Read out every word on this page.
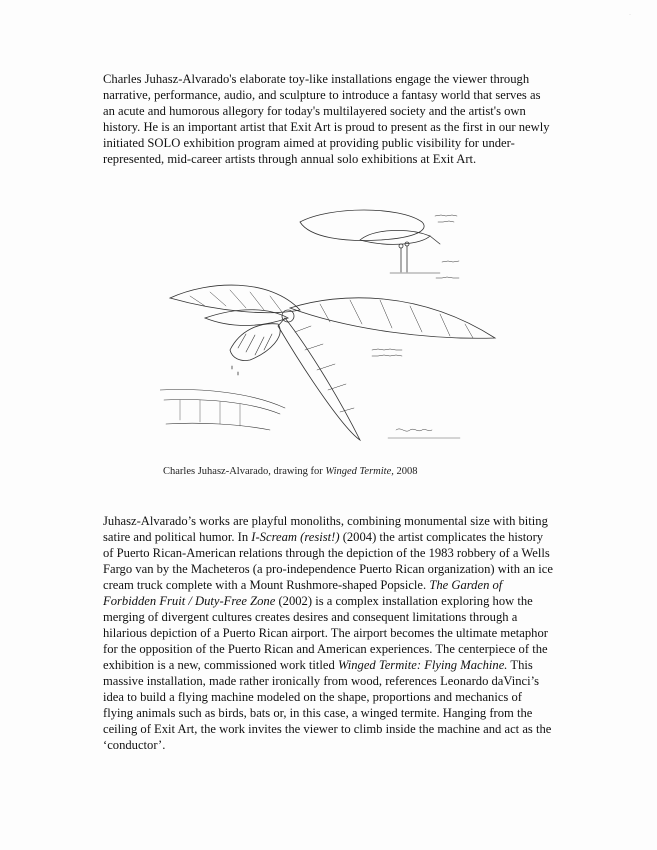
·

Charles Juhasz-Alvarado's elaborate toy-like installations engage the viewer through narrative, performance, audio, and sculpture to introduce a fantasy world that serves as an acute and humorous allegory for today's multilayered society and the artist's own history. He is an important artist that Exit Art is proud to present as the first in our newly initiated SOLO exhibition program aimed at providing public visibility for under-represented, mid-career artists through annual solo exhibitions at Exit Art.

Charles Juhasz-Alvarado, drawing for Winged Termite, 2008

Juhasz-Alvarado’s works are playful monoliths, combining monumental size with biting satire and political humor. In I-Scream (resist!) (2004) the artist complicates the history of Puerto Rican-American relations through the depiction of the 1983 robbery of a Wells Fargo van by the Macheteros (a pro-independence Puerto Rican organization) with an ice cream truck complete with a Mount Rushmore-shaped Popsicle. The Garden of Forbidden Fruit / Duty-Free Zone (2002) is a complex installation exploring how the merging of divergent cultures creates desires and consequent limitations through a hilarious depiction of a Puerto Rican airport. The airport becomes the ultimate metaphor for the opposition of the Puerto Rican and American experiences. The centerpiece of the exhibition is a new, commissioned work titled Winged Termite: Flying Machine. This massive installation, made rather ironically from wood, references Leonardo daVinci’s idea to build a flying machine modeled on the shape, proportions and mechanics of flying animals such as birds, bats or, in this case, a winged termite. Hanging from the ceiling of Exit Art, the work invites the viewer to climb inside the machine and act as the ‘conductor’.
